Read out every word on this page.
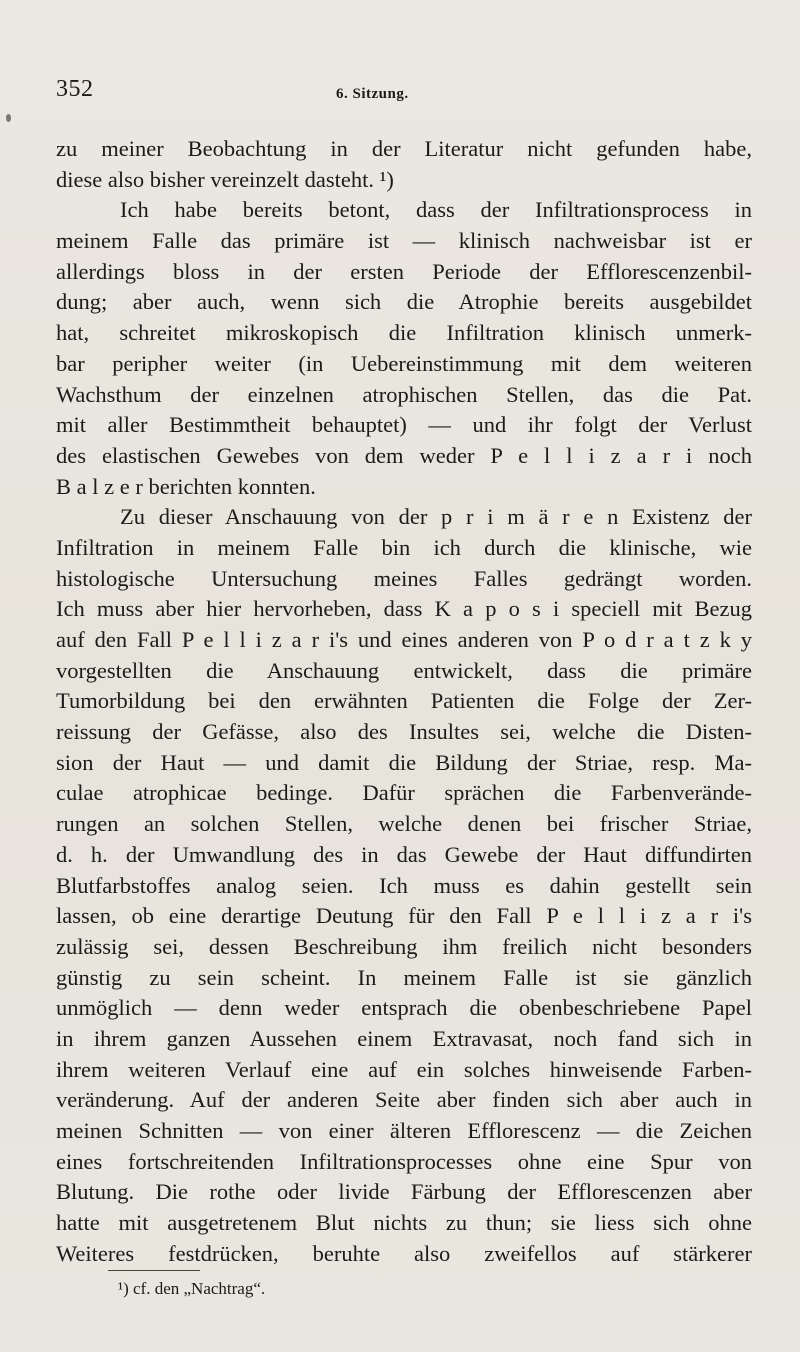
352	6. Sitzung.
zu meiner Beobachtung in der Literatur nicht gefunden habe,
diese also bisher vereinzelt dasteht. ¹)
Ich habe bereits betont, dass der Infiltrationsprocess in
meinem Falle das primäre ist — klinisch nachweisbar ist er
allerdings bloss in der ersten Periode der Efflorescenzenbil-
dung; aber auch, wenn sich die Atrophie bereits ausgebildet
hat, schreitet mikroskopisch die Infiltration klinisch unmerk-
bar peripher weiter (in Uebereinstimmung mit dem weiteren
Wachsthum der einzelnen atrophischen Stellen, das die Pat.
mit aller Bestimmtheit behauptet) — und ihr folgt der Verlust
des elastischen Gewebes von dem weder P e l l i z a r i noch
B a l z e r berichten konnten.
Zu dieser Anschauung von der p r i m ä r e n Existenz der
Infiltration in meinem Falle bin ich durch die klinische, wie
histologische Untersuchung meines Falles gedrängt worden.
Ich muss aber hier hervorheben, dass K a p o s i speciell mit Bezug
auf den Fall P e l l i z a r i's und eines anderen von P o d r a t z k y
vorgestellten die Anschauung entwickelt, dass die primäre
Tumorbildung bei den erwähnten Patienten die Folge der Zer-
reissung der Gefässe, also des Insultes sei, welche die Disten-
sion der Haut — und damit die Bildung der Striae, resp. Ma-
culae atrophicae bedinge. Dafür sprächen die Farbenverände-
rungen an solchen Stellen, welche denen bei frischer Striae,
d. h. der Umwandlung des in das Gewebe der Haut diffundirten
Blutfarbstoffes analog seien. Ich muss es dahin gestellt sein
lassen, ob eine derartige Deutung für den Fall P e l l i z a r i's
zulässig sei, dessen Beschreibung ihm freilich nicht besonders
günstig zu sein scheint. In meinem Falle ist sie gänzlich
unmöglich — denn weder entsprach die obenbeschriebene Papel
in ihrem ganzen Aussehen einem Extravasat, noch fand sich in
ihrem weiteren Verlauf eine auf ein solches hinweisende Farben-
veränderung. Auf der anderen Seite aber finden sich aber auch in
meinen Schnitten — von einer älteren Efflorescenz — die Zeichen
eines fortschreitenden Infiltrationsprocesses ohne eine Spur von
Blutung. Die rothe oder livide Färbung der Efflorescenzen aber
hatte mit ausgetretenem Blut nichts zu thun; sie liess sich ohne
Weiteres festdrücken, beruhte also zweifellos auf stärkerer
¹) cf. den „Nachtrag“.
